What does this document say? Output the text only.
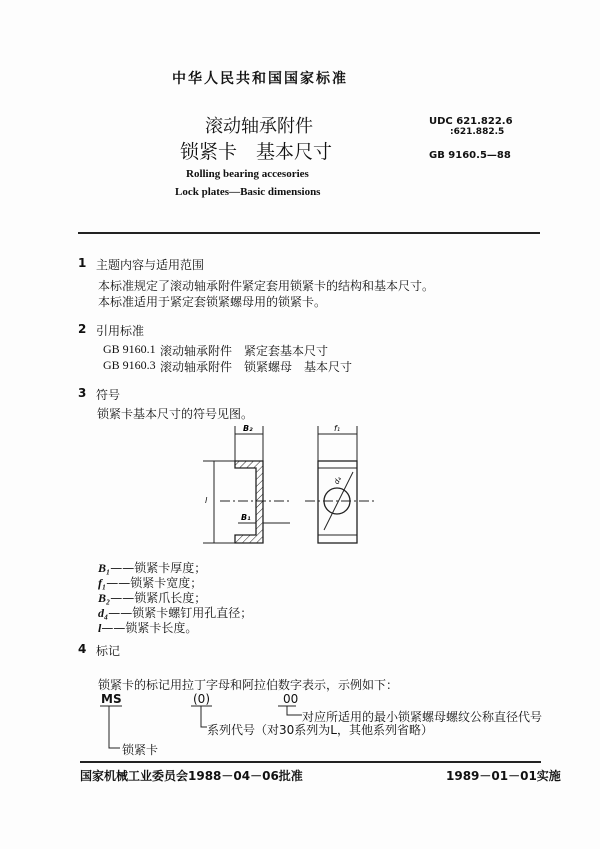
中华人民共和国国家标准
滚动轴承附件
锁紧卡　基本尺寸
Rolling bearing accesories
Lock plates—Basic dimensions
UDC 621.822.6
:621.882.5
GB 9160.5—88
1 主题内容与适用范围
本标准规定了滚动轴承附件紧定套用锁紧卡的结构和基本尺寸。
本标准适用于紧定套锁紧螺母用的锁紧卡。
2 引用标准
GB 9160.1 滚动轴承附件　紧定套基本尺寸
GB 9160.3 滚动轴承附件　锁紧螺母　基本尺寸
3 符号
锁紧卡基本尺寸的符号见图。
B₂
B₁
l
f₁
d₄
B₁——锁紧卡厚度；
f₁——锁紧卡宽度；
B₂——锁紧爪长度；
d₄——锁紧卡螺钉用孔直径；
l——锁紧卡长度。
4 标记
锁紧卡的标记用拉丁字母和阿拉伯数字表示，示例如下：
MS	(0)	00
对应所适用的最小锁紧螺母螺纹公称直径代号
系列代号（对30系列为L，其他系列省略）
锁紧卡
国家机械工业委员会1988－04－06批准	1989－01－01实施
